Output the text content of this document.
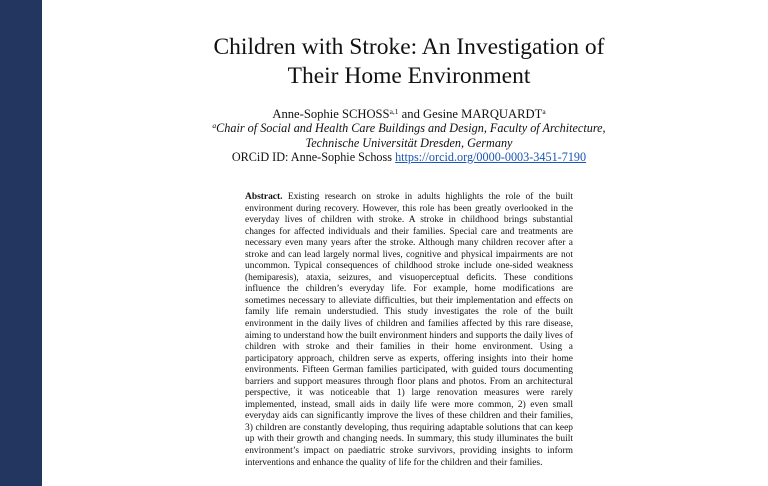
Children with Stroke: An Investigation of
Their Home Environment
Anne-Sophie SCHOSS$^{a,1}$ and Gesine MARQUARDT$^a$
$^a$Chair of Social and Health Care Buildings and Design, Faculty of Architecture,
Technische Universität Dresden, Germany
ORCiD ID: Anne-Sophie Schoss https://orcid.org/0000-0003-3451-7190
Abstract. Existing research on stroke in adults highlights the role of the built environment during recovery. However, this role has been greatly overlooked in the everyday lives of children with stroke. A stroke in childhood brings substantial changes for affected individuals and their families. Special care and treatments are necessary even many years after the stroke. Although many children recover after a stroke and can lead largely normal lives, cognitive and physical impairments are not uncommon. Typical consequences of childhood stroke include one-sided weakness (hemiparesis), ataxia, seizures, and visuoperceptual deficits. These conditions influence the children’s everyday life. For example, home modifications are sometimes necessary to alleviate difficulties, but their implementation and effects on family life remain understudied. This study investigates the role of the built environment in the daily lives of children and families affected by this rare disease, aiming to understand how the built environment hinders and supports the daily lives of children with stroke and their families in their home environment. Using a participatory approach, children serve as experts, offering insights into their home environments. Fifteen German families participated, with guided tours documenting barriers and support measures through floor plans and photos. From an architectural perspective, it was noticeable that 1) large renovation measures were rarely implemented, instead, small aids in daily life were more common, 2) even small everyday aids can significantly improve the lives of these children and their families, 3) children are constantly developing, thus requiring adaptable solutions that can keep up with their growth and changing needs. In summary, this study illuminates the built environment’s impact on paediatric stroke survivors, providing insights to inform interventions and enhance the quality of life for the children and their families.
